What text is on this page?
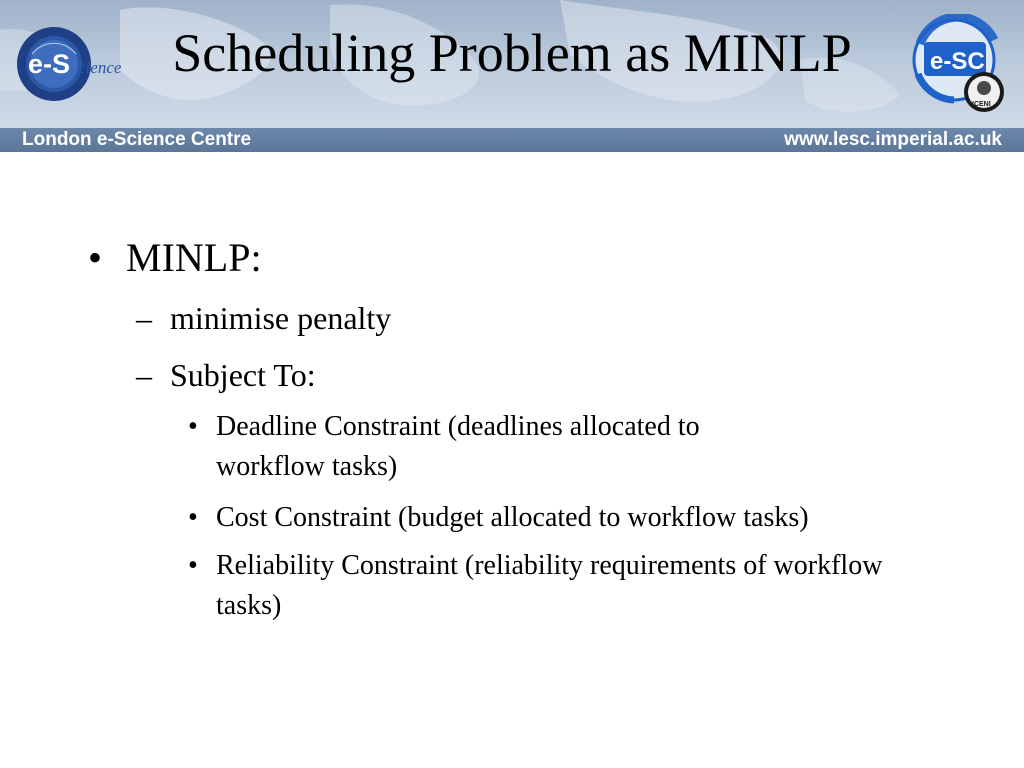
e-S cience Scheduling Problem as MINLP	e-SC
ICENI
London e-Science Centre	www.lesc.imperial.ac.uk
• MINLP:
– minimise penalty
– Subject To:
• Deadline Constraint (deadlines allocated to workflow tasks)
• Cost Constraint (budget allocated to workflow tasks)
• Reliability Constraint (reliability requirements of workflow tasks)
